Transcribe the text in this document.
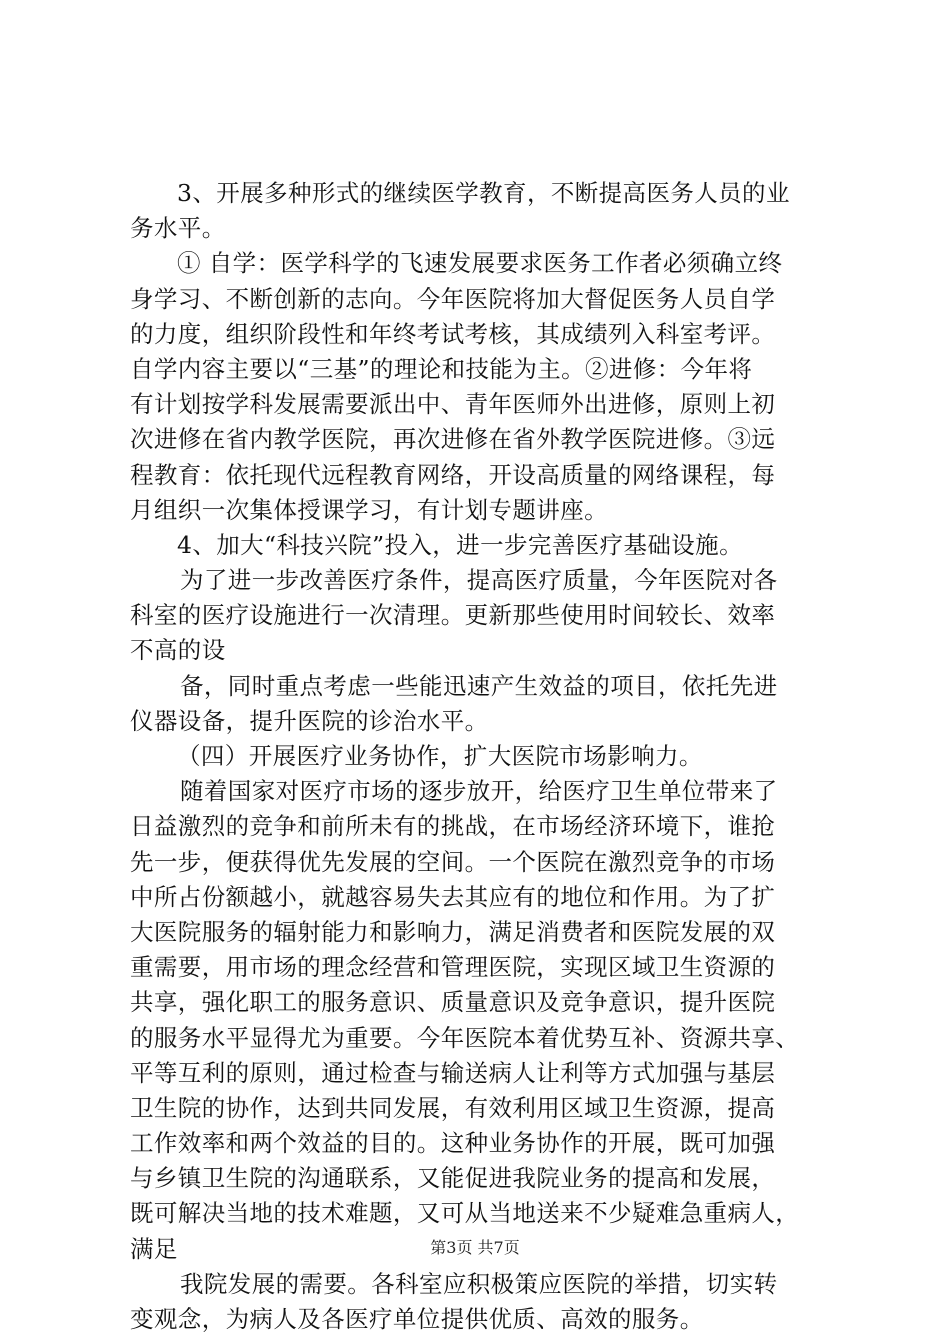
3、开展多种形式的继续医学教育，不断提高医务人员的业
务水平。
① 自学：医学科学的飞速发展要求医务工作者必须确立终
身学习、不断创新的志向。今年医院将加大督促医务人员自学
的力度，组织阶段性和年终考试考核，其成绩列入科室考评。
自学内容主要以“三基”的理论和技能为主。②进修：今年将
有计划按学科发展需要派出中、青年医师外出进修，原则上初
次进修在省内教学医院，再次进修在省外教学医院进修。③远
程教育：依托现代远程教育网络，开设高质量的网络课程，每
月组织一次集体授课学习，有计划专题讲座。
4、加大“科技兴院”投入，进一步完善医疗基础设施。
为了进一步改善医疗条件，提高医疗质量，今年医院对各
科室的医疗设施进行一次清理。更新那些使用时间较长、效率
不高的设
备，同时重点考虑一些能迅速产生效益的项目，依托先进
仪器设备，提升医院的诊治水平。
（四）开展医疗业务协作，扩大医院市场影响力。
随着国家对医疗市场的逐步放开，给医疗卫生单位带来了
日益激烈的竞争和前所未有的挑战，在市场经济环境下，谁抢
先一步，便获得优先发展的空间。一个医院在激烈竞争的市场
中所占份额越小，就越容易失去其应有的地位和作用。为了扩
大医院服务的辐射能力和影响力，满足消费者和医院发展的双
重需要，用市场的理念经营和管理医院，实现区域卫生资源的
共享，强化职工的服务意识、质量意识及竞争意识，提升医院
的服务水平显得尤为重要。今年医院本着优势互补、资源共享、
平等互利的原则，通过检查与输送病人让利等方式加强与基层
卫生院的协作，达到共同发展，有效利用区域卫生资源，提高
工作效率和两个效益的目的。这种业务协作的开展，既可加强
与乡镇卫生院的沟通联系，又能促进我院业务的提高和发展，
既可解决当地的技术难题，又可从当地送来不少疑难急重病人，
满足
我院发展的需要。各科室应积极策应医院的举措，切实转
变观念，为病人及各医疗单位提供优质、高效的服务。
第3页 共7页
